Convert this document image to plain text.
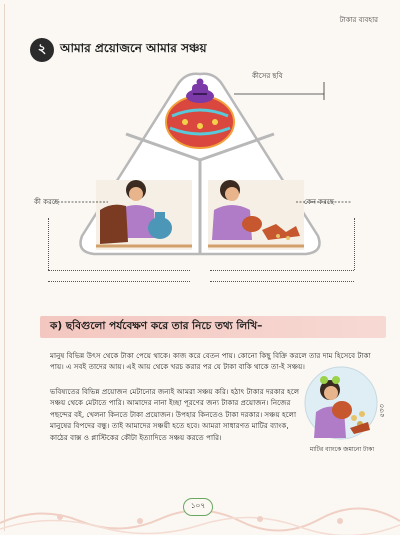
টাকার ব্যবহার
২	আমার প্রয়োজনে আমার সঞ্চয়
কীসের ছবি
কী করছে	কেন করছে
ক) ছবিগুলো পর্যবেক্ষণ করে তার নিচে তথ্য লিখি–

মানুষ বিভিন্ন উৎস থেকে টাকা পেয়ে থাকে। কাজ করে বেতন পায়। কোনো কিছু বিক্রি করলে তার দাম হিসেবে টাকা পায়। এ সবই তাদের আয়। এই আয় থেকে খরচ করার পর যে টাকা বাকি থাকে তা-ই সঞ্চয়।

ভবিষ্যতের বিভিন্ন প্রয়োজন মেটানোর জন্যই আমরা সঞ্চয় করি। হঠাৎ টাকার দরকার হলে সঞ্চয় থেকে মেটাতে পারি। আমাদের নানা ইচ্ছা পূরণের জন্য টাকার প্রয়োজন। নিজের পছন্দের বই, খেলনা কিনতে টাকা প্রয়োজন। উপহার কিনতেও টাকা দরকার। সঞ্চয় হলো মানুষের বিপদের বন্ধু। তাই আমাদের সঞ্চয়ী হতে হবে। আমরা সাধারণত মাটির ব্যাংক, কাঠের বাক্স ও প্লাস্টিকের কৌটা ইত্যাদিতে সঞ্চয় করতে পারি।

মাটির ব্যাংকে জমানো টাকা
১০৭
৫৩৩
